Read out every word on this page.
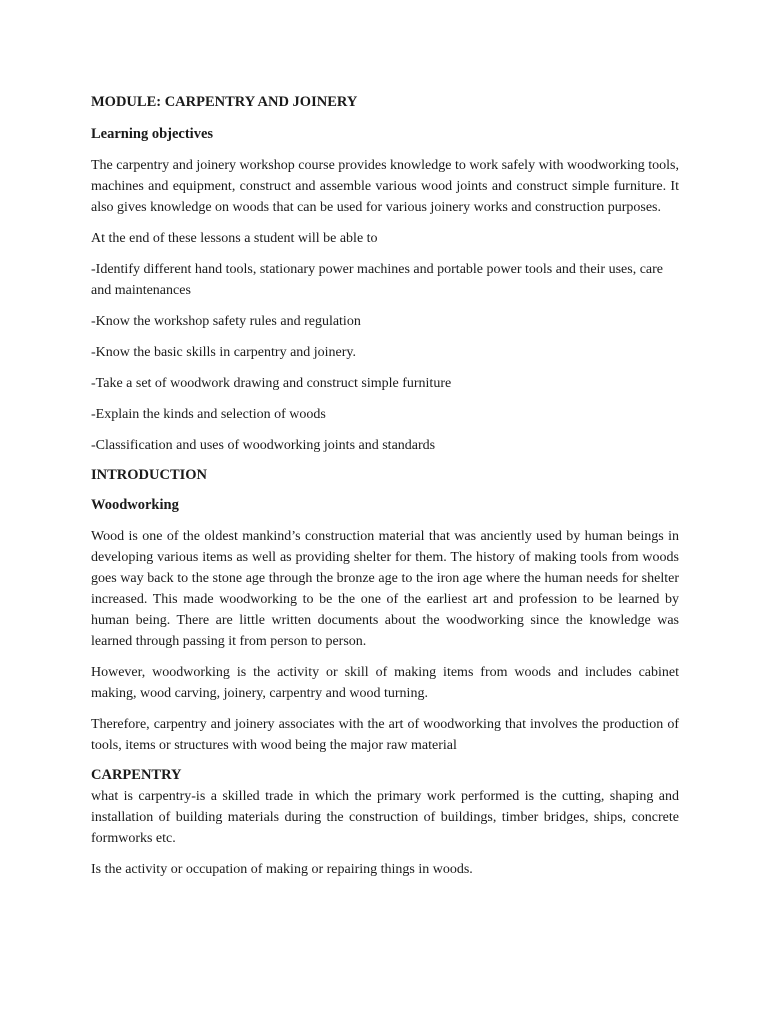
MODULE: CARPENTRY AND JOINERY
Learning objectives

The carpentry and joinery workshop course provides knowledge to work safely with woodworking tools, machines and equipment, construct and assemble various wood joints and construct simple furniture. It also gives knowledge on woods that can be used for various joinery works and construction purposes.

At the end of these lessons a student will be able to

-Identify different hand tools, stationary power machines and portable power tools and their uses, care and maintenances

-Know the workshop safety rules and regulation

-Know the basic skills in carpentry and joinery.

-Take a set of woodwork drawing and construct simple furniture

-Explain the kinds and selection of woods

-Classification and uses of woodworking joints and standards

INTRODUCTION
Woodworking

Wood is one of the oldest mankind’s construction material that was anciently used by human beings in developing various items as well as providing shelter for them. The history of making tools from woods goes way back to the stone age through the bronze age to the iron age where the human needs for shelter increased. This made woodworking to be the one of the earliest art and profession to be learned by human being. There are little written documents about the woodworking since the knowledge was learned through passing it from person to person.

However, woodworking is the activity or skill of making items from woods and includes cabinet making, wood carving, joinery, carpentry and wood turning.

Therefore, carpentry and joinery associates with the art of woodworking that involves the production of tools, items or structures with wood being the major raw material

CARPENTRY

what is carpentry-is a skilled trade in which the primary work performed is the cutting, shaping and installation of building materials during the construction of buildings, timber bridges, ships, concrete formworks etc.

Is the activity or occupation of making or repairing things in woods.
